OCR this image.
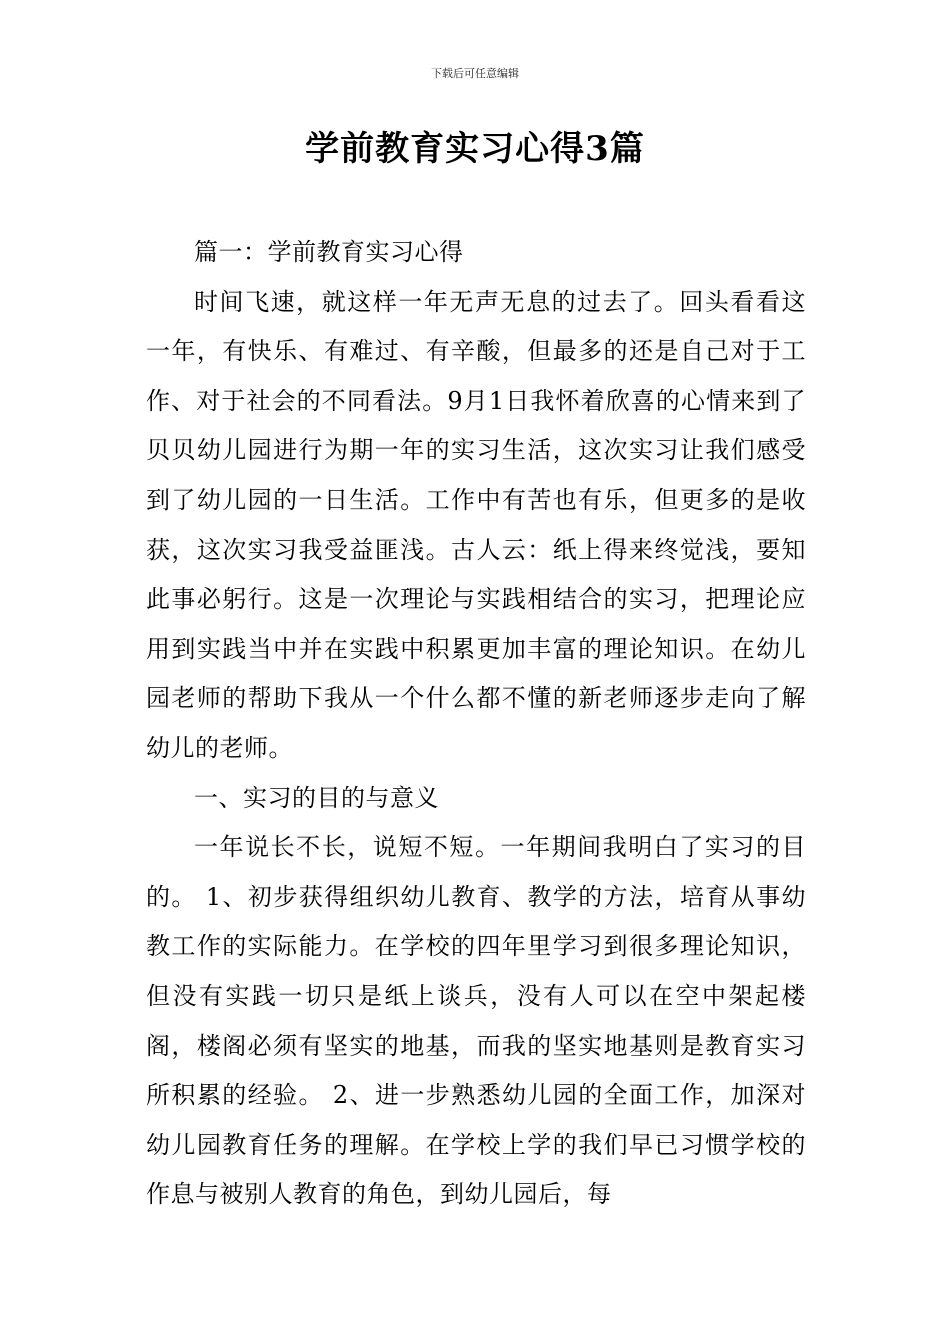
下载后可任意编辑
学前教育实习心得3篇

篇一：学前教育实习心得

时间飞速，就这样一年无声无息的过去了。回头看看这一年，有快乐、有难过、有辛酸，但最多的还是自己对于工作、对于社会的不同看法。9月1日我怀着欣喜的心情来到了贝贝幼儿园进行为期一年的实习生活，这次实习让我们感受到了幼儿园的一日生活。工作中有苦也有乐，但更多的是收获，这次实习我受益匪浅。古人云：纸上得来终觉浅，要知此事必躬行。这是一次理论与实践相结合的实习，把理论应用到实践当中并在实践中积累更加丰富的理论知识。在幼儿园老师的帮助下我从一个什么都不懂的新老师逐步走向了解幼儿的老师。

一、实习的目的与意义

一年说长不长，说短不短。一年期间我明白了实习的目的。 1、初步获得组织幼儿教育、教学的方法，培育从事幼教工作的实际能力。在学校的四年里学习到很多理论知识，但没有实践一切只是纸上谈兵，没有人可以在空中架起楼阁，楼阁必须有坚实的地基，而我的坚实地基则是教育实习所积累的经验。 2、进一步熟悉幼儿园的全面工作，加深对幼儿园教育任务的理解。在学校上学的我们早已习惯学校的作息与被别人教育的角色，到幼儿园后，每
